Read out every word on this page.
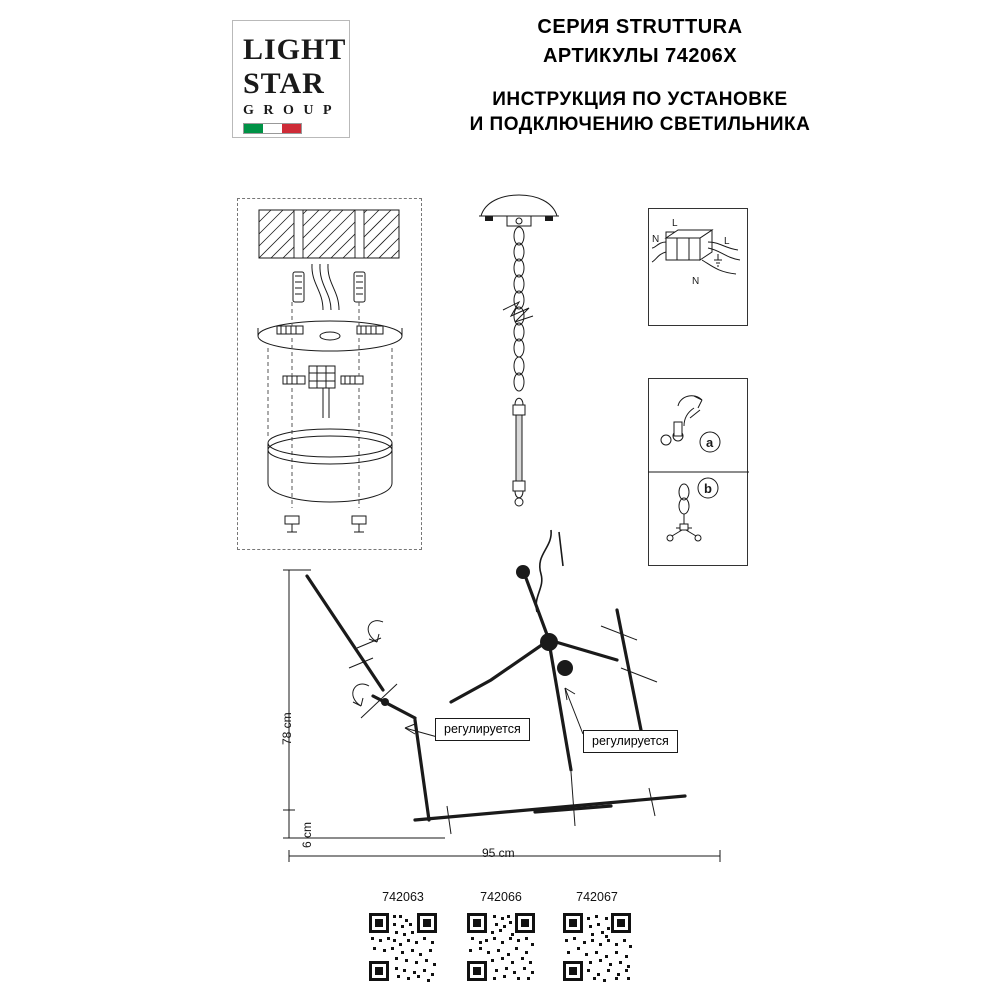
LIGHT
STAR
G R O U P
СЕРИЯ STRUTTURA
АРТИКУЛЫ 74206X
ИНСТРУКЦИЯ ПО УСТАНОВКЕ
И ПОДКЛЮЧЕНИЮ СВЕТИЛЬНИКА
L
N	L
N
a
b
78 cm
6 cm
95 cm
регулируется
регулируется
742063	742066	742067
